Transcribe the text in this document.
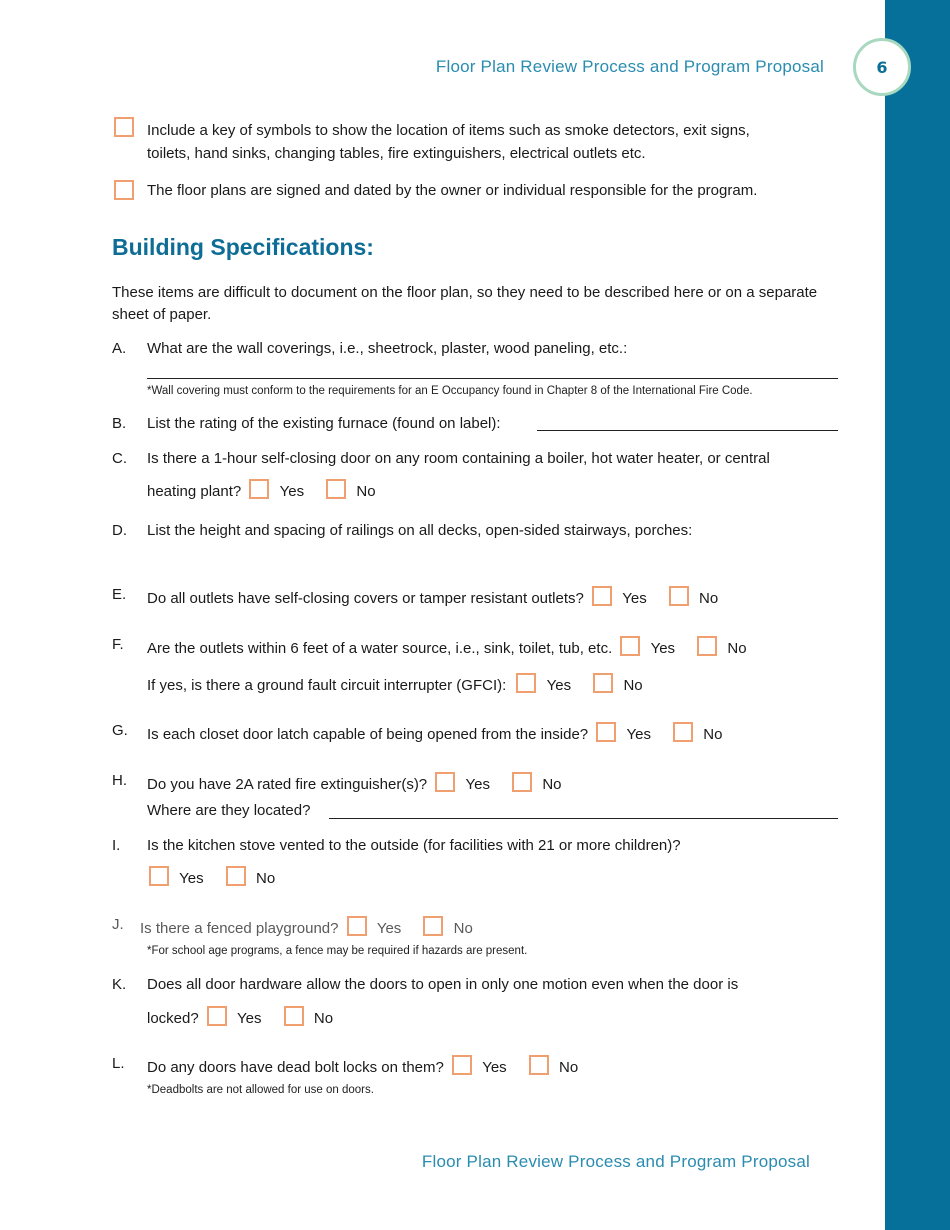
Floor Plan Review Process and Program Proposal	6
Include a key of symbols to show the location of items such as smoke detectors, exit signs,
toilets, hand sinks, changing tables, fire extinguishers, electrical outlets etc.
The floor plans are signed and dated by the owner or individual responsible for the program.
Building Specifications:
These items are difficult to document on the floor plan, so they need to be described here or on a separate sheet of paper.
A. What are the wall coverings, i.e., sheetrock, plaster, wood paneling, etc.:
*Wall covering must conform to the requirements for an E Occupancy found in Chapter 8 of the International Fire Code.
B. List the rating of the existing furnace (found on label):
C. Is there a 1-hour self-closing door on any room containing a boiler, hot water heater, or central
heating plant?	Yes	No
D. List the height and spacing of railings on all decks, open-sided stairways, porches:
E. Do all outlets have self-closing covers or tamper resistant outlets?	Yes	No
F. Are the outlets within 6 feet of a water source, i.e., sink, toilet, tub, etc.	Yes	No
If yes, is there a ground fault circuit interrupter (GFCI):	Yes	No
G. Is each closet door latch capable of being opened from the inside?	Yes	No
H. Do you have 2A rated fire extinguisher(s)?	Yes	No
Where are they located?
I. Is the kitchen stove vented to the outside (for facilities with 21 or more children)?
Yes	No
J. Is there a fenced playground?	Yes	No
*For school age programs, a fence may be required if hazards are present.
K. Does all door hardware allow the doors to open in only one motion even when the door is
locked?	Yes	No
L. Do any doors have dead bolt locks on them?	Yes	No
*Deadbolts are not allowed for use on doors.
Floor Plan Review Process and Program Proposal
